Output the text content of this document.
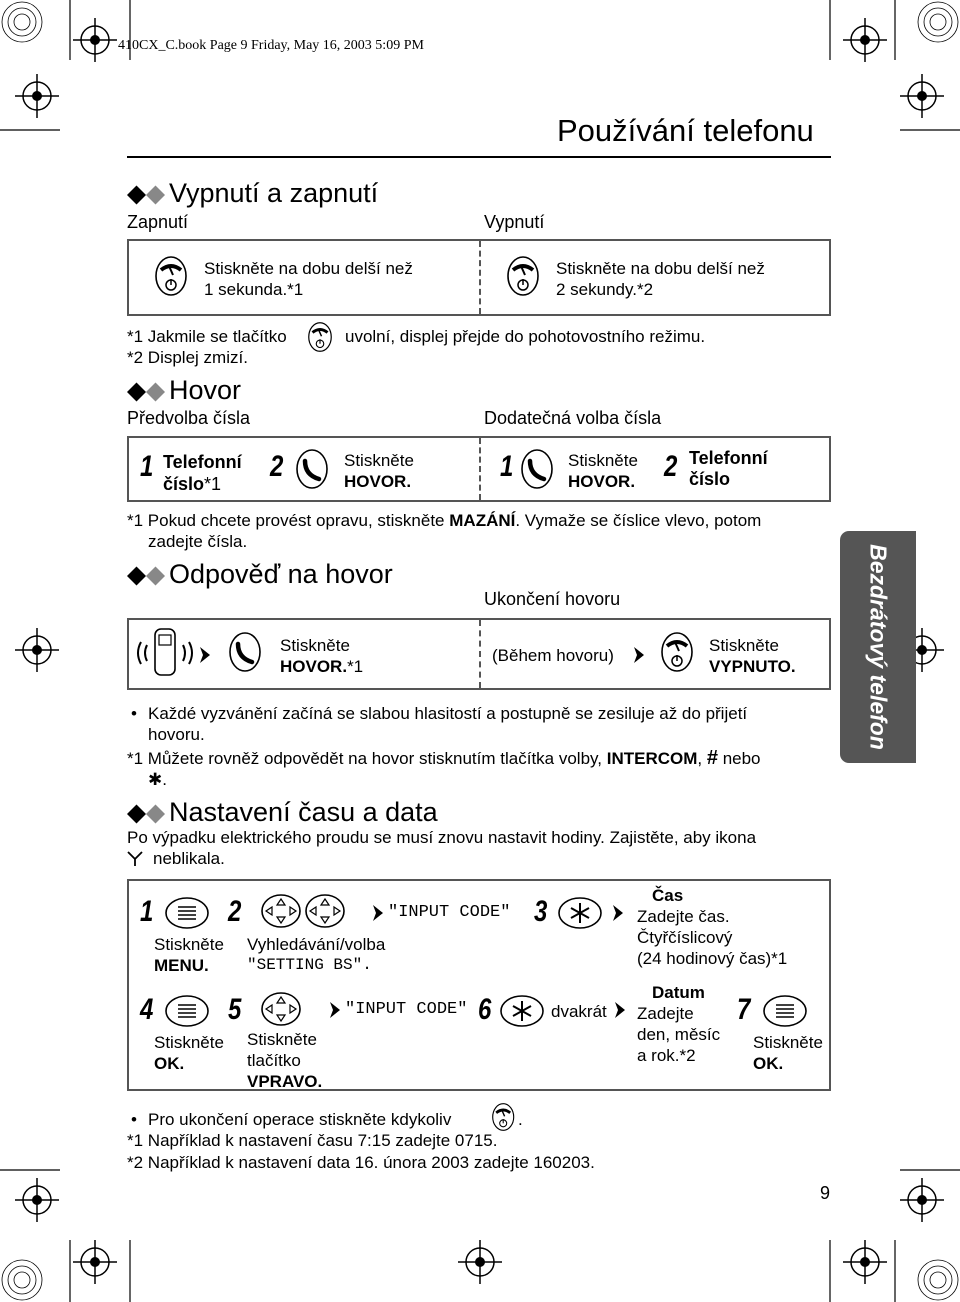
410CX_C.book Page 9 Friday, May 16, 2003 5:09 PM
Používání telefonu
Vypnutí a zapnutí
Zapnutí	Vypnutí
Stiskněte na dobu delší než
1 sekunda.*1
Stiskněte na dobu delší než
2 sekundy.*2
*1 Jakmile se tlačítko	uvolní, displej přejde do pohotovostního režimu.
*2 Displej zmizí.
Hovor
Předvolba čísla	Dodatečná volba čísla
1 Telefonní
číslo*1
2	Stiskněte
HOVOR.	1	Stiskněte
HOVOR. 2 Telefonní
číslo
*1 Pokud chcete provést opravu, stiskněte MAZÁNÍ. Vymaže se číslice vlevo, potom
zadejte čísla.
Odpověď na hovor
Ukončení hovoru
Stiskněte
HOVOR.*1
(Během hovoru)
Stiskněte
VYPNUTO.
• Každé vyzvánění začíná se slabou hlasitostí a postupně se zesiluje až do přijetí
hovoru.
*1 Můžete rovněž odpovědět na hovor stisknutím tlačítka volby, INTERCOM, # nebo
✱.
Nastavení času a data
Po výpadku elektrického proudu se musí znovu nastavit hodiny. Zajistěte, aby ikona
neblikala.
1 2	"INPUT CODE" 3	Čas
Zadejte čas.
Čtyřčíslicový
(24 hodinový čas)*1
Stiskněte
MENU.
Vyhledávání/volba
"SETTING BS".
4 5	"INPUT CODE" 6	dvakrát
Datum
Zadejte
den, měsíc
a rok.*2
7
Stiskněte
OK.
Stiskněte
tlačítko
VPRAVO.
Stiskněte
OK.
• Pro ukončení operace stiskněte kdykoliv	.
*1 Například k nastavení času 7:15 zadejte 0715.
*2 Například k nastavení data 16. února 2003 zadejte 160203.
Bezdrátový telefon
9
